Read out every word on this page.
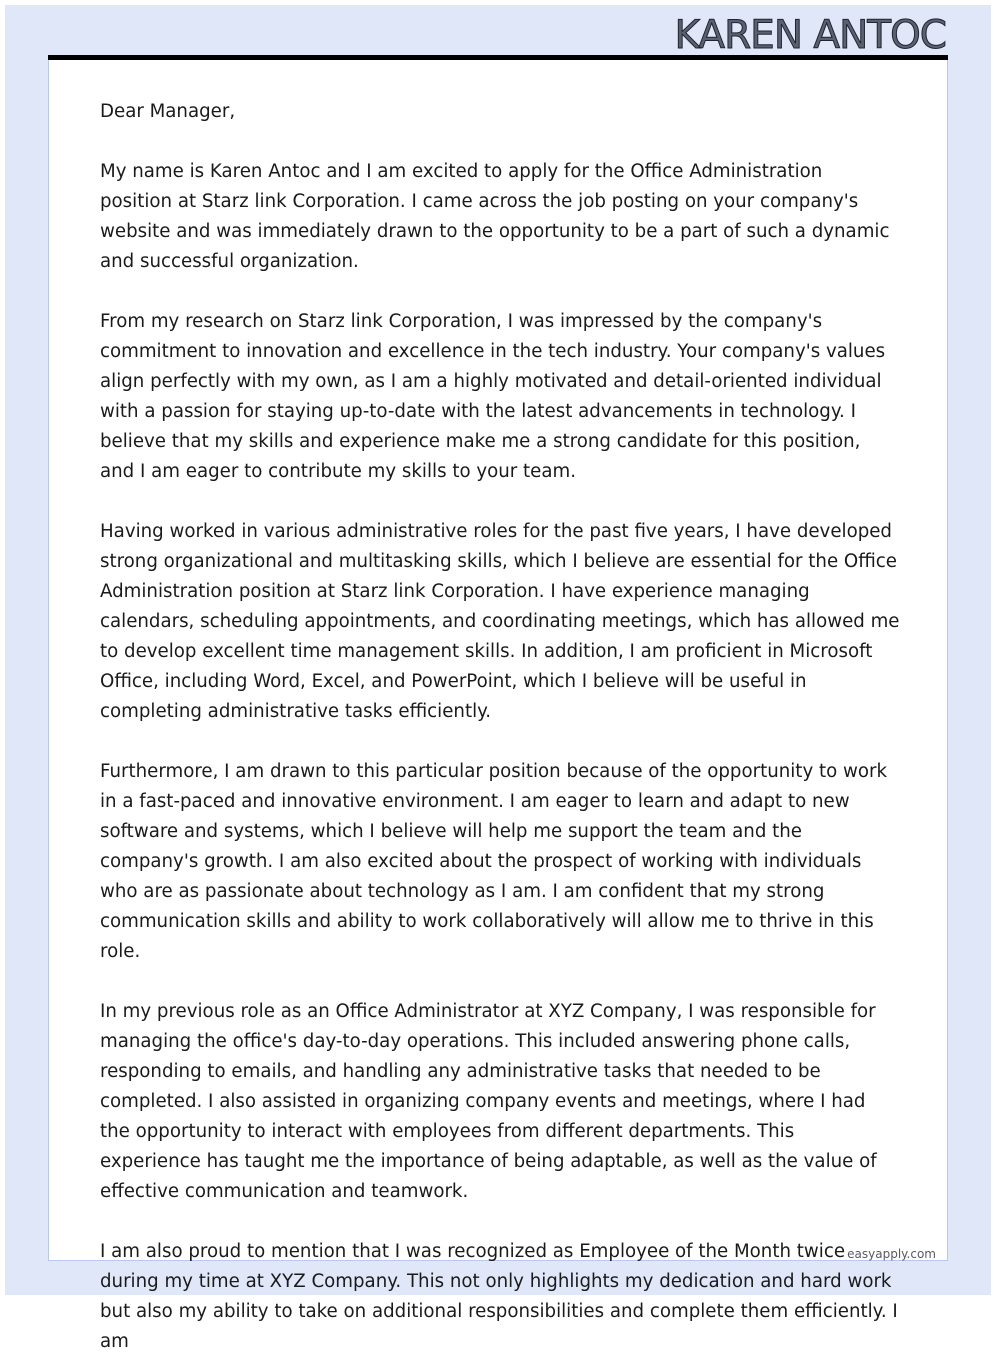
KAREN ANTOC

Dear Manager,

My name is Karen Antoc and I am excited to apply for the Office Administration position at Starz link Corporation. I came across the job posting on your company's website and was immediately drawn to the opportunity to be a part of such a dynamic and successful organization.

From my research on Starz link Corporation, I was impressed by the company's commitment to innovation and excellence in the tech industry. Your company's values align perfectly with my own, as I am a highly motivated and detail-oriented individual with a passion for staying up-to-date with the latest advancements in technology. I believe that my skills and experience make me a strong candidate for this position, and I am eager to contribute my skills to your team.

Having worked in various administrative roles for the past five years, I have developed strong organizational and multitasking skills, which I believe are essential for the Office Administration position at Starz link Corporation. I have experience managing calendars, scheduling appointments, and coordinating meetings, which has allowed me to develop excellent time management skills. In addition, I am proficient in Microsoft Office, including Word, Excel, and PowerPoint, which I believe will be useful in completing administrative tasks efficiently.

Furthermore, I am drawn to this particular position because of the opportunity to work in a fast-paced and innovative environment. I am eager to learn and adapt to new software and systems, which I believe will help me support the team and the company's growth. I am also excited about the prospect of working with individuals who are as passionate about technology as I am. I am confident that my strong communication skills and ability to work collaboratively will allow me to thrive in this role.

In my previous role as an Office Administrator at XYZ Company, I was responsible for managing the office's day-to-day operations. This included answering phone calls, responding to emails, and handling any administrative tasks that needed to be completed. I also assisted in organizing company events and meetings, where I had the opportunity to interact with employees from different departments. This experience has taught me the importance of being adaptable, as well as the value of effective communication and teamwork.

I am also proud to mention that I was recognized as Employee of the Month twice during my time at XYZ Company. This not only highlights my dedication and hard work but also my ability to take on additional responsibilities and complete them efficiently. I am

easyapply.com
